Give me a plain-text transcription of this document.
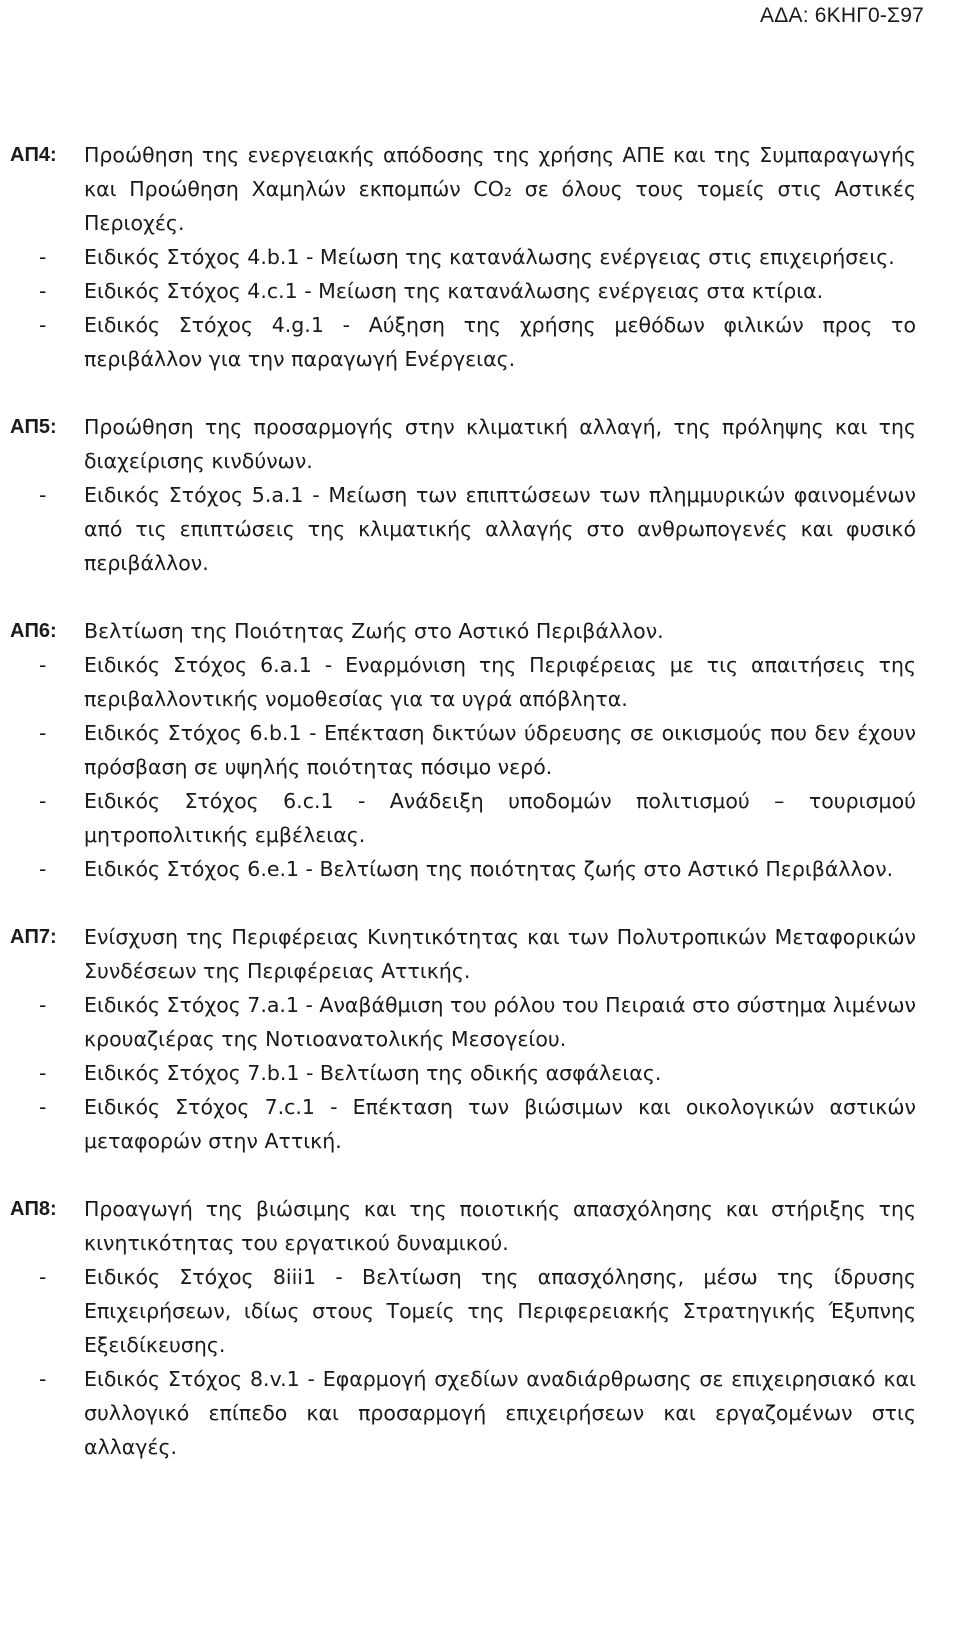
ΑΔΑ: 6ΚΗΓ0-Σ97
ΑΠ4:	Προώθηση της ενεργειακής απόδοσης της χρήσης ΑΠΕ και της Συμπαραγωγής και Προώθηση Χαμηλών εκπομπών CO₂ σε όλους τους τομείς στις Αστικές Περιοχές.
-	Ειδικός Στόχος 4.b.1 - Μείωση της κατανάλωσης ενέργειας στις επιχειρήσεις.
-	Ειδικός Στόχος 4.c.1 - Μείωση της κατανάλωσης ενέργειας στα κτίρια.
-	Ειδικός Στόχος 4.g.1 - Αύξηση της χρήσης μεθόδων φιλικών προς το περιβάλλον για την παραγωγή Ενέργειας.
ΑΠ5:	Προώθηση της προσαρμογής στην κλιματική αλλαγή, της πρόληψης και της διαχείρισης κινδύνων.
-	Ειδικός Στόχος 5.a.1 - Μείωση των επιπτώσεων των πλημμυρικών φαινομένων από τις επιπτώσεις της κλιματικής αλλαγής στο ανθρωπογενές και φυσικό περιβάλλον.
ΑΠ6:	Βελτίωση της Ποιότητας Ζωής στο Αστικό Περιβάλλον.
-	Ειδικός Στόχος 6.a.1 - Εναρμόνιση της Περιφέρειας με τις απαιτήσεις της περιβαλλοντικής νομοθεσίας για τα υγρά απόβλητα.
-	Ειδικός Στόχος 6.b.1 - Επέκταση δικτύων ύδρευσης σε οικισμούς που δεν έχουν πρόσβαση σε υψηλής ποιότητας πόσιμο νερό.
-	Ειδικός Στόχος 6.c.1 - Ανάδειξη υποδομών πολιτισμού – τουρισμού μητροπολιτικής εμβέλειας.
-	Ειδικός Στόχος 6.e.1 - Βελτίωση της ποιότητας ζωής στο Αστικό Περιβάλλον.
ΑΠ7:	Ενίσχυση της Περιφέρειας Κινητικότητας και των Πολυτροπικών Μεταφορικών Συνδέσεων της Περιφέρειας Αττικής.
-	Ειδικός Στόχος 7.a.1 - Αναβάθμιση του ρόλου του Πειραιά στο σύστημα λιμένων κρουαζιέρας της Νοτιοανατολικής Μεσογείου.
-	Ειδικός Στόχος 7.b.1 - Βελτίωση της οδικής ασφάλειας.
-	Ειδικός Στόχος 7.c.1 - Επέκταση των βιώσιμων και οικολογικών αστικών μεταφορών στην Αττική.
ΑΠ8:	Προαγωγή της βιώσιμης και της ποιοτικής απασχόλησης και στήριξης της κινητικότητας του εργατικού δυναμικού.
-	Ειδικός Στόχος 8iii1 - Βελτίωση της απασχόλησης, μέσω της ίδρυσης Επιχειρήσεων, ιδίως στους Τομείς της Περιφερειακής Στρατηγικής Έξυπνης Εξειδίκευσης.
-	Ειδικός Στόχος 8.v.1 - Εφαρμογή σχεδίων αναδιάρθρωσης σε επιχειρησιακό και συλλογικό επίπεδο και προσαρμογή επιχειρήσεων και εργαζομένων στις αλλαγές.
